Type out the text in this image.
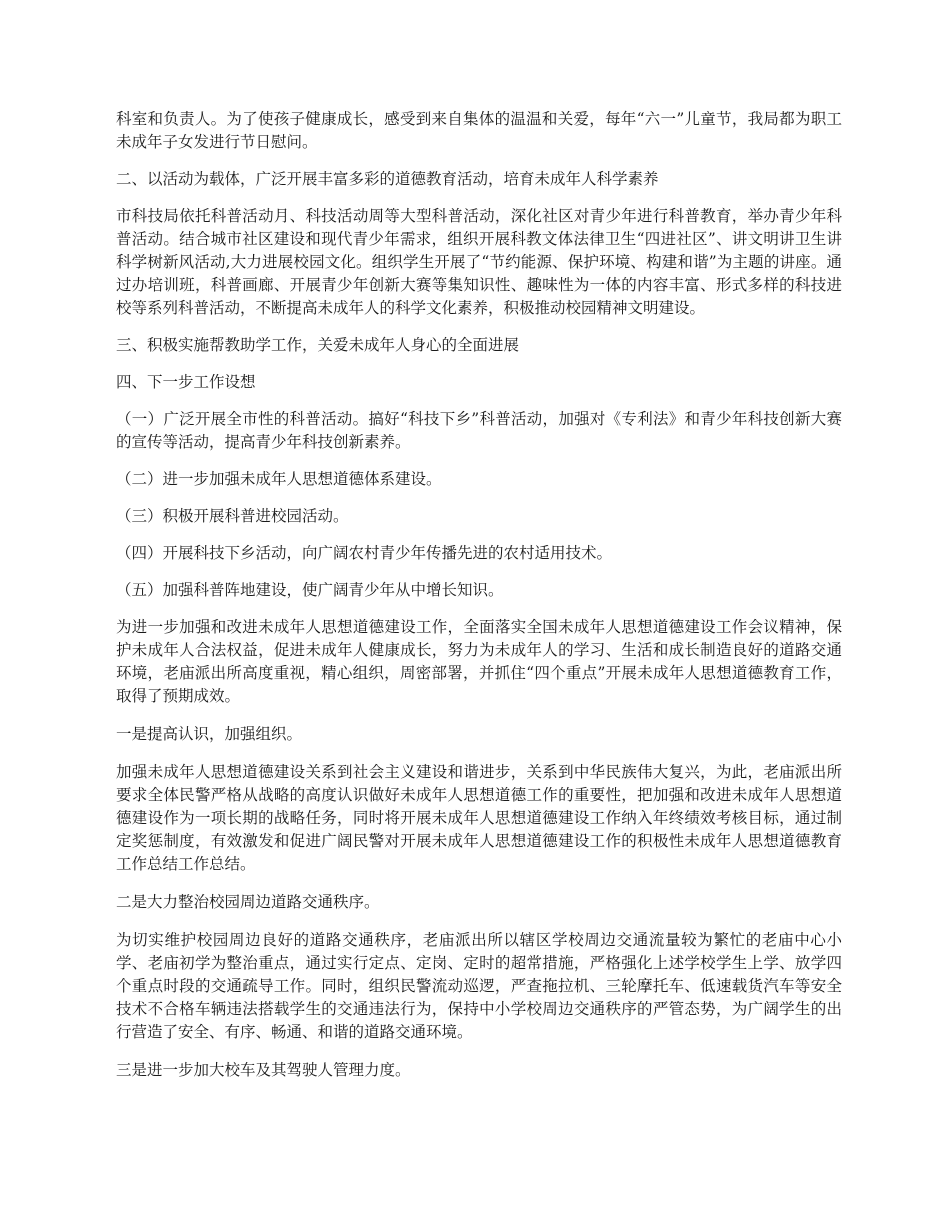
科室和负责人。为了使孩子健康成长，感受到来自集体的温温和关爱，每年“六一”儿童节，我局都为职工未成年子女发进行节日慰问。

二、以活动为载体，广泛开展丰富多彩的道德教育活动，培育未成年人科学素养

市科技局依托科普活动月、科技活动周等大型科普活动，深化社区对青少年进行科普教育，举办青少年科普活动。结合城市社区建设和现代青少年需求，组织开展科教文体法律卫生“四进社区”、讲文明讲卫生讲科学树新风活动,大力进展校园文化。组织学生开展了“节约能源、保护环境、构建和谐”为主题的讲座。通过办培训班，科普画廊、开展青少年创新大赛等集知识性、趣味性为一体的内容丰富、形式多样的科技进校等系列科普活动，不断提高未成年人的科学文化素养，积极推动校园精神文明建设。

三、积极实施帮教助学工作，关爱未成年人身心的全面进展

四、下一步工作设想

（一）广泛开展全市性的科普活动。搞好“科技下乡”科普活动，加强对《专利法》和青少年科技创新大赛的宣传等活动，提高青少年科技创新素养。

（二）进一步加强未成年人思想道德体系建设。

（三）积极开展科普进校园活动。

（四）开展科技下乡活动，向广阔农村青少年传播先进的农村适用技术。

（五）加强科普阵地建设，使广阔青少年从中增长知识。

为进一步加强和改进未成年人思想道德建设工作，全面落实全国未成年人思想道德建设工作会议精神，保护未成年人合法权益，促进未成年人健康成长，努力为未成年人的学习、生活和成长制造良好的道路交通环境，老庙派出所高度重视，精心组织，周密部署，并抓住“四个重点”开展未成年人思想道德教育工作，取得了预期成效。

一是提高认识，加强组织。

加强未成年人思想道德建设关系到社会主义建设和谐进步，关系到中华民族伟大复兴，为此，老庙派出所要求全体民警严格从战略的高度认识做好未成年人思想道德工作的重要性，把加强和改进未成年人思想道德建设作为一项长期的战略任务，同时将开展未成年人思想道德建设工作纳入年终绩效考核目标，通过制定奖惩制度，有效激发和促进广阔民警对开展未成年人思想道德建设工作的积极性未成年人思想道德教育工作总结工作总结。

二是大力整治校园周边道路交通秩序。

为切实维护校园周边良好的道路交通秩序，老庙派出所以辖区学校周边交通流量较为繁忙的老庙中心小学、老庙初学为整治重点，通过实行定点、定岗、定时的超常措施，严格强化上述学校学生上学、放学四个重点时段的交通疏导工作。同时，组织民警流动巡逻，严查拖拉机、三轮摩托车、低速载货汽车等安全技术不合格车辆违法搭载学生的交通违法行为，保持中小学校周边交通秩序的严管态势，为广阔学生的出行营造了安全、有序、畅通、和谐的道路交通环境。

三是进一步加大校车及其驾驶人管理力度。
